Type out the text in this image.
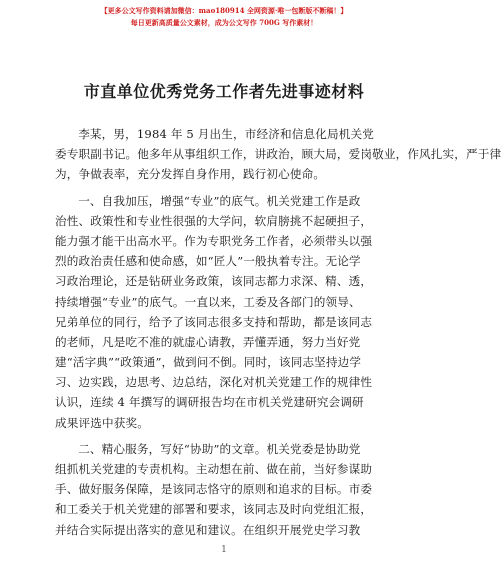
【更多公文写作资料请加微信：mao180914 全网资源·唯一包断版不断稿！】
每日更新高质量公文素材，成为公文写作 700G 写作素材！
市直单位优秀党务工作者先进事迹材料
李某，男，1984 年 5 月出生，市经济和信息化局机关党
委专职副书记。他多年从事组织工作，讲政治，顾大局，爱岗敬业，作风扎实，严于律
为，争做表率，充分发挥自身作用，践行初心使命。
一、自我加压，增强“专业”的底气。机关党建工作是政
治性、政策性和专业性很强的大学问，软肩膀挑不起硬担子，
能力强才能干出高水平。作为专职党务工作者，必须带头以强
烈的政治责任感和使命感，如“匠人”一般执着专注。无论学
习政治理论，还是钻研业务政策，该同志都力求深、精、透，
持续增强“专业”的底气。一直以来，工委及各部门的领导、
兄弟单位的同行，给予了该同志很多支持和帮助，都是该同志
的老师，凡是吃不准的就虚心请教，弄懂弄通，努力当好党
建“活字典”“政策通”，做到问不倒。同时，该同志坚持边学
习、边实践，边思考、边总结，深化对机关党建工作的规律性
认识，连续 4 年撰写的调研报告均在市机关党建研究会调研
成果评选中获奖。
二、精心服务，写好“协助”的文章。机关党委是协助党
组抓机关党建的专责机构。主动想在前、做在前，当好参谋助
手、做好服务保障，是该同志恪守的原则和追求的目标。市委
和工委关于机关党建的部署和要求，该同志及时向党组汇报，
并结合实际提出落实的意见和建议。在组织开展党史学习教
1
